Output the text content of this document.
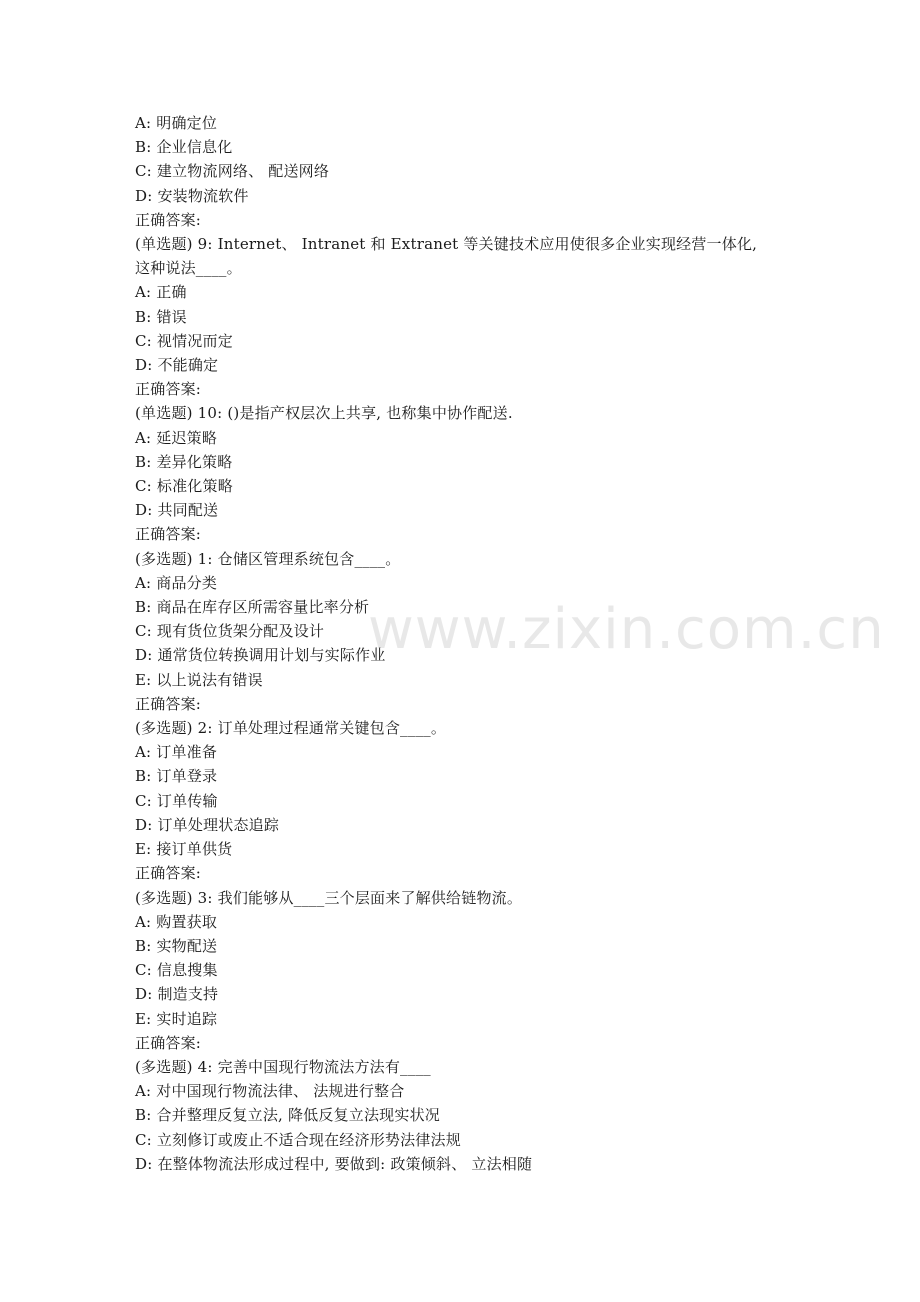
www.zixin.com.cn
A: 明确定位
B: 企业信息化
C: 建立物流网络、 配送网络
D: 安装物流软件
正确答案:
(单选题) 9: Internet、 Intranet 和 Extranet 等关键技术应用使很多企业实现经营一体化,
这种说法____。
A: 正确
B: 错误
C: 视情况而定
D: 不能确定
正确答案:
(单选题) 10: ()是指产权层次上共享, 也称集中协作配送.
A: 延迟策略
B: 差异化策略
C: 标准化策略
D: 共同配送
正确答案:
(多选题) 1: 仓储区管理系统包含____。
A: 商品分类
B: 商品在库存区所需容量比率分析
C: 现有货位货架分配及设计
D: 通常货位转换调用计划与实际作业
E: 以上说法有错误
正确答案:
(多选题) 2: 订单处理过程通常关键包含____。
A: 订单准备
B: 订单登录
C: 订单传输
D: 订单处理状态追踪
E: 接订单供货
正确答案:
(多选题) 3: 我们能够从____三个层面来了解供给链物流。
A: 购置获取
B: 实物配送
C: 信息搜集
D: 制造支持
E: 实时追踪
正确答案:
(多选题) 4: 完善中国现行物流法方法有____
A: 对中国现行物流法律、 法规进行整合
B: 合并整理反复立法, 降低反复立法现实状况
C: 立刻修订或废止不适合现在经济形势法律法规
D: 在整体物流法形成过程中, 要做到: 政策倾斜、 立法相随
